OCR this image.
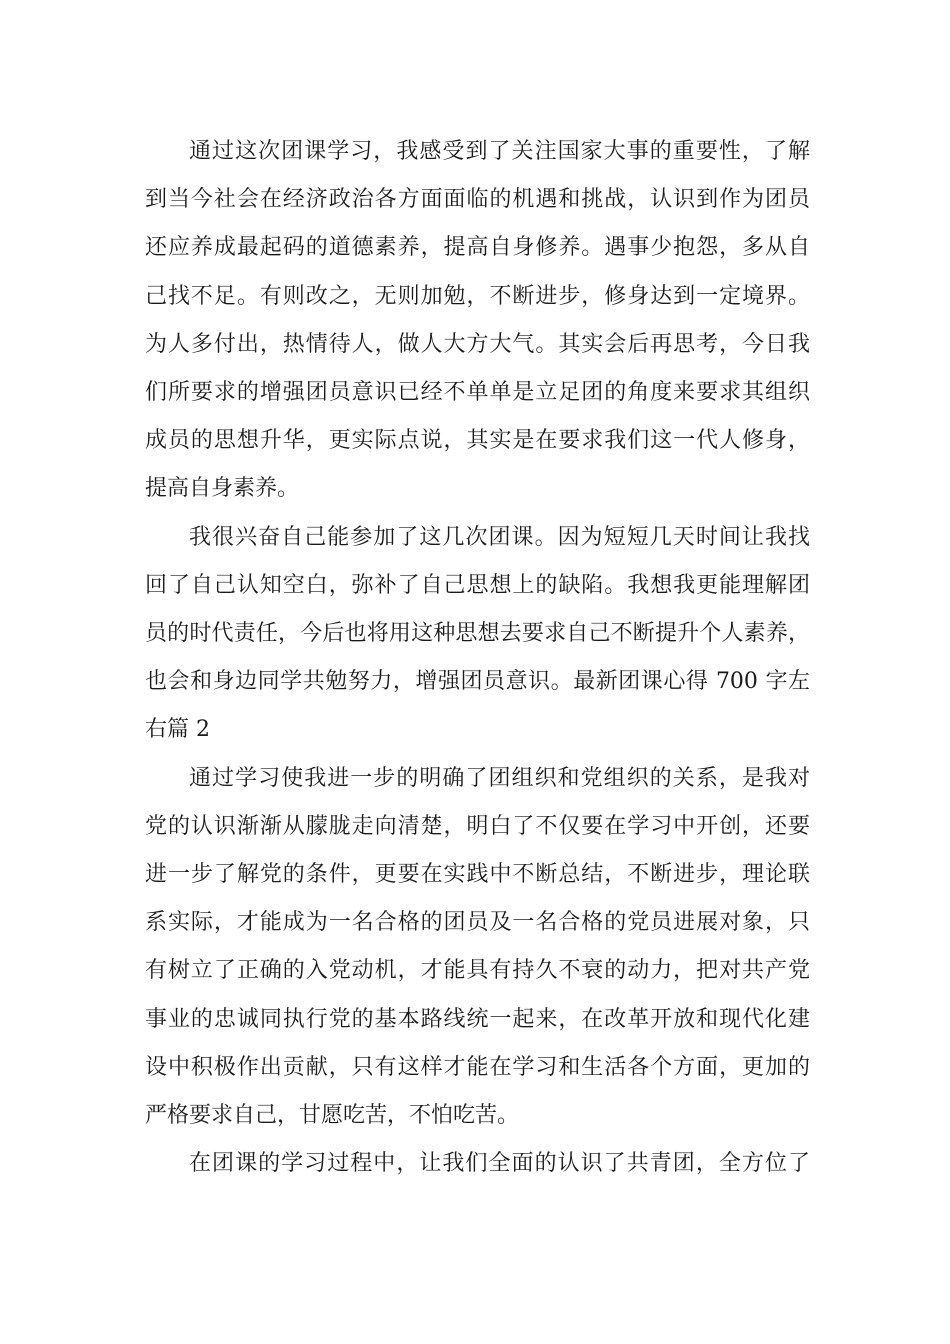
通过这次团课学习，我感受到了关注国家大事的重要性，了解
到当今社会在经济政治各方面面临的机遇和挑战，认识到作为团员
还应养成最起码的道德素养，提高自身修养。遇事少抱怨，多从自
己找不足。有则改之，无则加勉，不断进步，修身达到一定境界。
为人多付出，热情待人，做人大方大气。其实会后再思考，今日我
们所要求的增强团员意识已经不单单是立足团的角度来要求其组织
成员的思想升华，更实际点说，其实是在要求我们这一代人修身，
提高自身素养。
我很兴奋自己能参加了这几次团课。因为短短几天时间让我找
回了自己认知空白，弥补了自己思想上的缺陷。我想我更能理解团
员的时代责任，今后也将用这种思想去要求自己不断提升个人素养，
也会和身边同学共勉努力，增强团员意识。最新团课心得 700 字左
右篇 2
通过学习使我进一步的明确了团组织和党组织的关系，是我对
党的认识渐渐从朦胧走向清楚，明白了不仅要在学习中开创，还要
进一步了解党的条件，更要在实践中不断总结，不断进步，理论联
系实际，才能成为一名合格的团员及一名合格的党员进展对象，只
有树立了正确的入党动机，才能具有持久不衰的动力，把对共产党
事业的忠诚同执行党的基本路线统一起来，在改革开放和现代化建
设中积极作出贡献，只有这样才能在学习和生活各个方面，更加的
严格要求自己，甘愿吃苦，不怕吃苦。
在团课的学习过程中，让我们全面的认识了共青团，全方位了
